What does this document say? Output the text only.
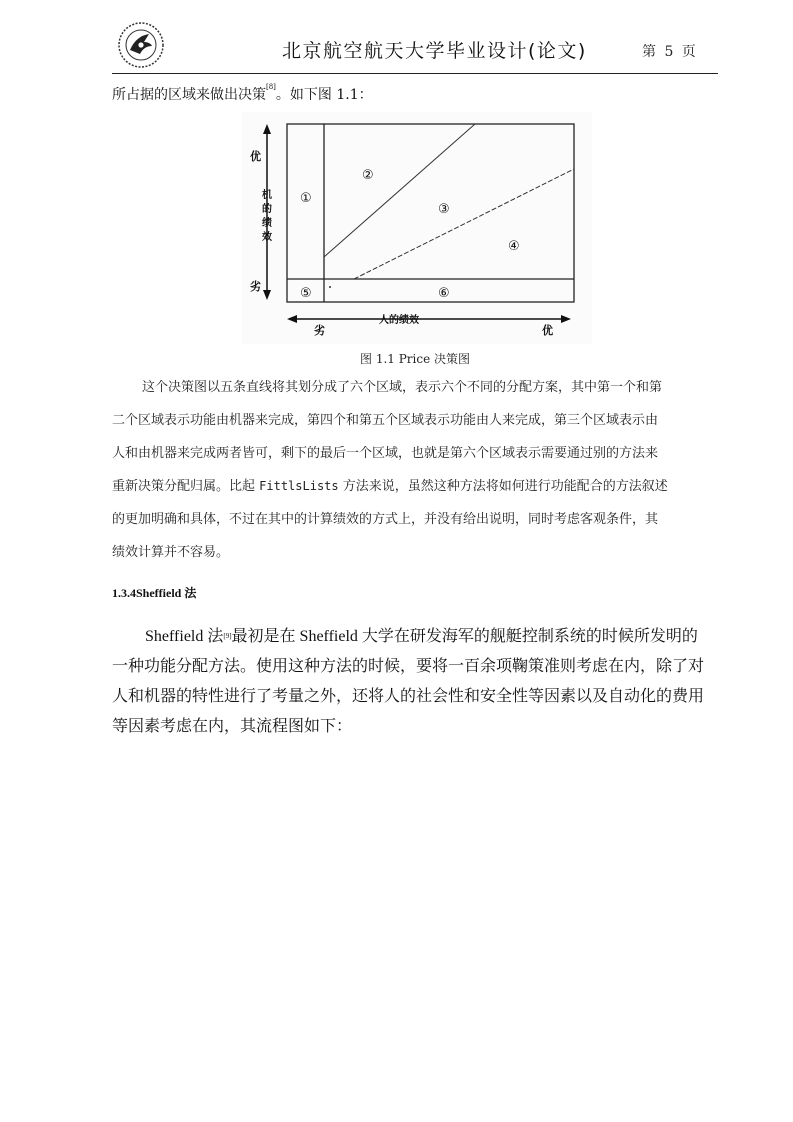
北京航空航天大学毕业设计(论文)	第 5 页
所占据的区域来做出决策[8]。如下图 1.1：
优
机
的
绩
效
劣
①
②
③
④
⑤	⑥
人的绩效
劣	优
图 1.1 Price 决策图
这个决策图以五条直线将其划分成了六个区域，表示六个不同的分配方案，其中第一个和第
二个区域表示功能由机器来完成，第四个和第五个区域表示功能由人来完成，第三个区域表示由
人和由机器来完成两者皆可，剩下的最后一个区域，也就是第六个区域表示需要通过别的方法来
重新决策分配归属。比起 FittlsLists 方法来说，虽然这种方法将如何进行功能配合的方法叙述
的更加明确和具体，不过在其中的计算绩效的方式上，并没有给出说明，同时考虑客观条件，其
绩效计算并不容易。
1.3.4Sheffield 法
Sheffield 法[9]最初是在 Sheffield 大学在研发海军的舰艇控制系统的时候所发明的
一种功能分配方法。使用这种方法的时候，要将一百余项鞠策准则考虑在内，除了对
人和机器的特性进行了考量之外，还将人的社会性和安全性等因素以及自动化的费用
等因素考虑在内，其流程图如下：
